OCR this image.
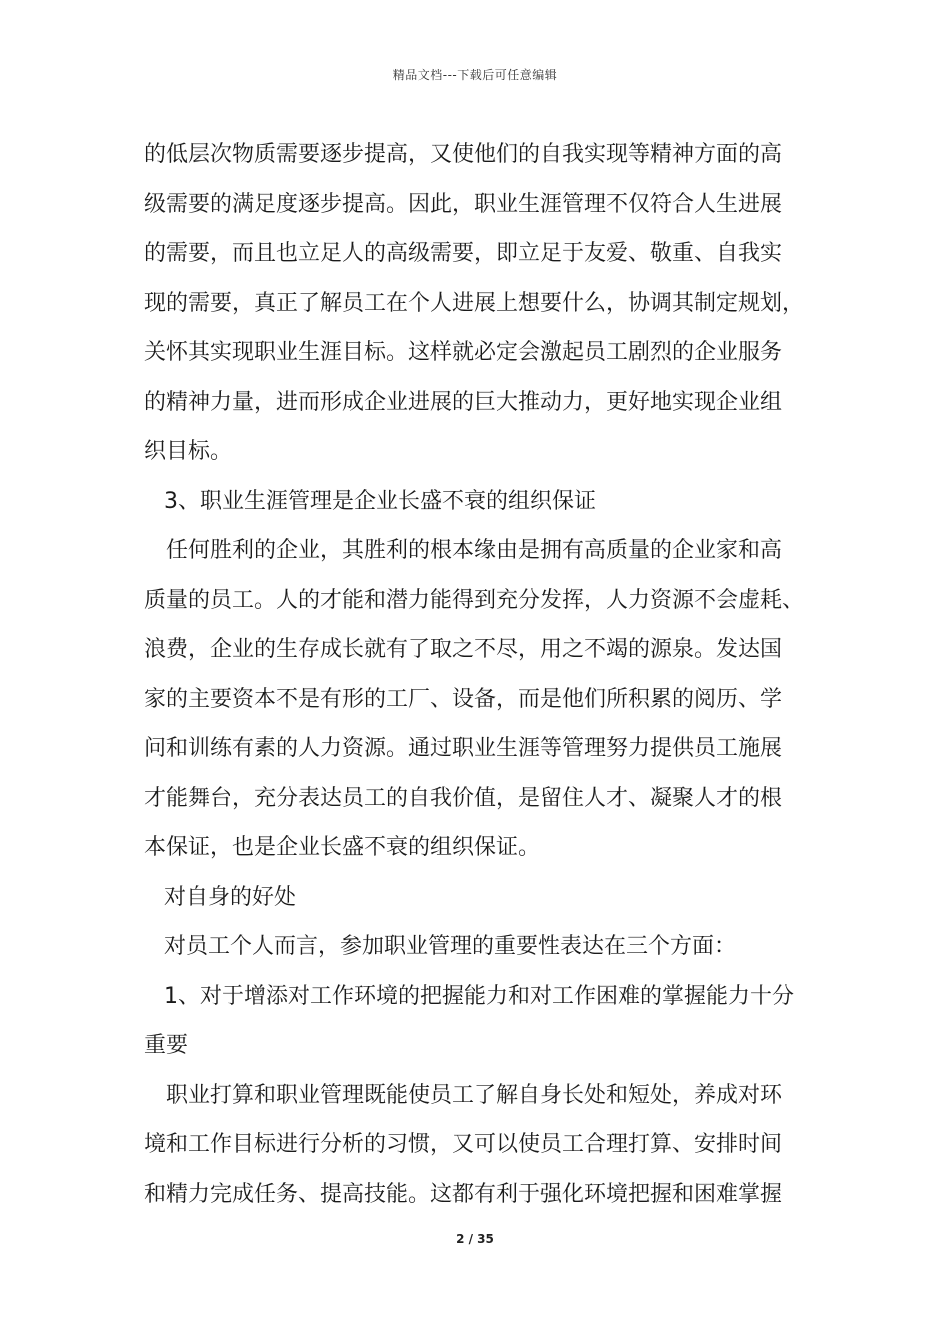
精品文档---下载后可任意编辑
的低层次物质需要逐步提高，又使他们的自我实现等精神方面的高
级需要的满足度逐步提高。因此，职业生涯管理不仅符合人生进展
的需要，而且也立足人的高级需要，即立足于友爱、敬重、自我实
现的需要，真正了解员工在个人进展上想要什么，协调其制定规划，
关怀其实现职业生涯目标。这样就必定会激起员工剧烈的企业服务
的精神力量，进而形成企业进展的巨大推动力，更好地实现企业组
织目标。
3、职业生涯管理是企业长盛不衰的组织保证
任何胜利的企业，其胜利的根本缘由是拥有高质量的企业家和高
质量的员工。人的才能和潜力能得到充分发挥，人力资源不会虚耗、
浪费，企业的生存成长就有了取之不尽，用之不竭的源泉。发达国
家的主要资本不是有形的工厂、设备，而是他们所积累的阅历、学
问和训练有素的人力资源。通过职业生涯等管理努力提供员工施展
才能舞台，充分表达员工的自我价值，是留住人才、凝聚人才的根
本保证，也是企业长盛不衰的组织保证。
对自身的好处
对员工个人而言，参加职业管理的重要性表达在三个方面：
1、对于增添对工作环境的把握能力和对工作困难的掌握能力十分
重要
职业打算和职业管理既能使员工了解自身长处和短处，养成对环
境和工作目标进行分析的习惯，又可以使员工合理打算、安排时间
和精力完成任务、提高技能。这都有利于强化环境把握和困难掌握
2 / 35
